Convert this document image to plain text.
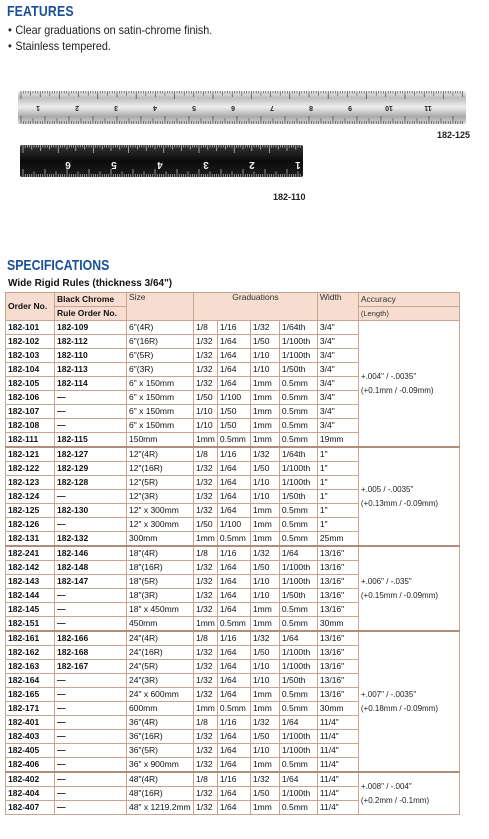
FEATURES
• Clear graduations on satin-chrome finish.
• Stainless tempered.
1	2	3	4	5	6	7	8	9	10	11
182-125
6	5	4	3	2	1
182-110
SPECIFICATIONS
Wide Rigid Rules (thickness 3/64")
Order No.	Black Chrome	Size	Graduations				Width	Accuracy
	Rule Order No.							(Length)
182-101	182-109	6"(4R)	1/8	1/16	1/32	1/64th	3/4"	+.004" / -.0035"
(+0.1mm / -0.09mm)

182-102	182-112	6"(16R)	1/32	1/64	1/50	1/100th	3/4"	
182-103	182-110	6"(5R)	1/32	1/64	1/10	1/100th	3/4"	
182-104	182-113	6"(3R)	1/32	1/64	1/10	1/50th	3/4"	
182-105	182-114	6" x 150mm	1/32	1/64	1mm	0.5mm	3/4"	
182-106	—	6" x 150mm	1/50	1/100	1mm	0.5mm	3/4"	
182-107	—	6" x 150mm	1/10	1/50	1mm	0.5mm	3/4"	
182-108	—	6" x 150mm	1/10	1/50	1mm	0.5mm	3/4"	
182-111	182-115	150mm	1mm	0.5mm	1mm	0.5mm	19mm	
182-121	182-127	12"(4R)	1/8	1/16	1/32	1/64th	1"	+.005 / -.0035"
(+0.13mm / -0.09mm)

182-122	182-129	12"(16R)	1/32	1/64	1/50	1/100th	1"	
182-123	182-128	12"(5R)	1/32	1/64	1/10	1/100th	1"	
182-124	—	12"(3R)	1/32	1/64	1/10	1/50th	1"	
182-125	182-130	12" x 300mm	1/32	1/64	1mm	0.5mm	1"	
182-126	—	12" x 300mm	1/50	1/100	1mm	0.5mm	1"	
182-131	182-132	300mm	1mm	0.5mm	1mm	0.5mm	25mm	
182-241	182-146	18"(4R)	1/8	1/16	1/32	1/64	13/16"	+.006" / -.035"
(+0.15mm / -0.09mm)

182-142	182-148	18"(16R)	1/32	1/64	1/50	1/100th	13/16"	
182-143	182-147	18"(5R)	1/32	1/64	1/10	1/100th	13/16"	
182-144	—	18"(3R)	1/32	1/64	1/10	1/50th	13/16"	
182-145	—	18" x 450mm	1/32	1/64	1mm	0.5mm	13/16"	
182-151	—	450mm	1mm	0.5mm	1mm	0.5mm	30mm	
182-161	182-166	24"(4R)	1/8	1/16	1/32	1/64	13/16"	+.007" / -.0035"
(+0.18mm / -0.09mm)

182-162	182-168	24"(16R)	1/32	1/64	1/50	1/100th	13/16"	
182-163	182-167	24"(5R)	1/32	1/64	1/10	1/100th	13/16"	
182-164	—	24"(3R)	1/32	1/64	1/10	1/50th	13/16"	
182-165	—	24" x 600mm	1/32	1/64	1mm	0.5mm	13/16"	
182-171	—	600mm	1mm	0.5mm	1mm	0.5mm	30mm	
182-401	—	36"(4R)	1/8	1/16	1/32	1/64	11/4"	
182-403	—	36"(16R)	1/32	1/64	1/50	1/100th	11/4"	
182-405	—	36"(5R)	1/32	1/64	1/10	1/100th	11/4"	
182-406	—	36" x 900mm	1/32	1/64	1mm	0.5mm	11/4"	
182-402	—	48"(4R)	1/8	1/16	1/32	1/64	11/4"	+.008" / -.004"
(+0.2mm / -0.1mm)

182-404	—	48"(16R)	1/32	1/64	1/50	1/100th	11/4"	
182-407	—	48" x 1219.2mm	1/32	1/64	1mm	0.5mm	11/4"	
